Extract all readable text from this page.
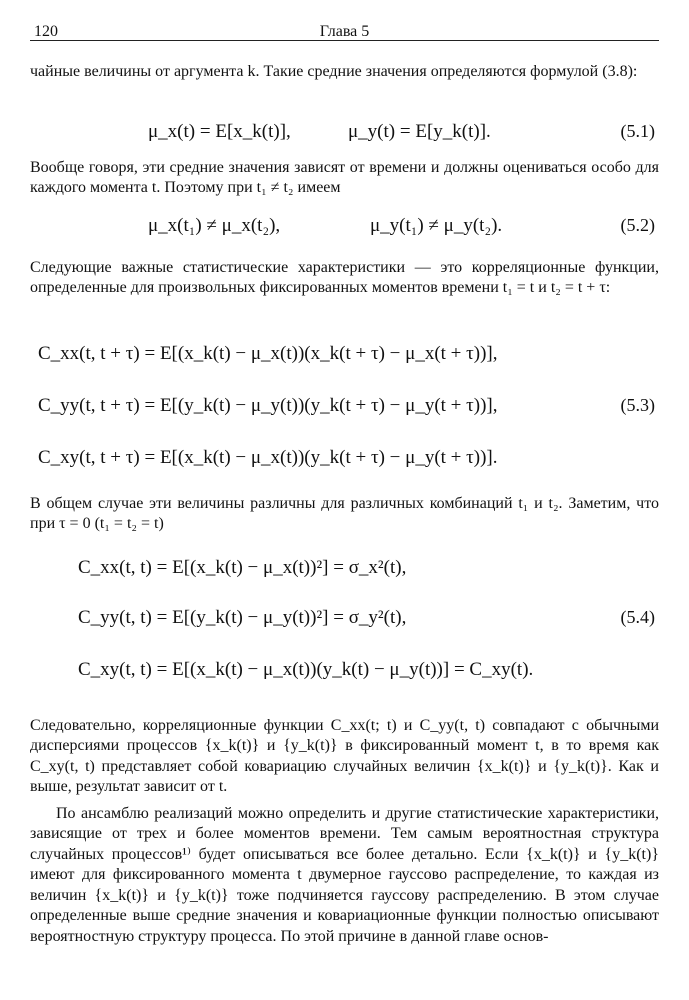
120	Глава 5
чайные величины от аргумента k. Такие средние значения определяются формулой (3.8):
μ_x(t) = E[x_k(t)],	μ_y(t) = E[y_k(t)].	(5.1)
Вообще говоря, эти средние значения зависят от времени и должны оцениваться особо для каждого момента t. Поэтому при t₁ ≠ t₂ имеем
μ_x(t₁) ≠ μ_x(t₂),	μ_y(t₁) ≠ μ_y(t₂).	(5.2)
Следующие важные статистические характеристики — это корреляционные функции, определенные для произвольных фиксированных моментов времени t₁ = t и t₂ = t + τ:
C_xx(t, t + τ) = E[(x_k(t) − μ_x(t))(x_k(t + τ) − μ_x(t + τ))],
C_yy(t, t + τ) = E[(y_k(t) − μ_y(t))(y_k(t + τ) − μ_y(t + τ))],
C_xy(t, t + τ) = E[(x_k(t) − μ_x(t))(y_k(t + τ) − μ_y(t + τ))].
(5.3)
В общем случае эти величины различны для различных комбинаций t₁ и t₂. Заметим, что при τ = 0 (t₁ = t₂ = t)
C_xx(t, t) = E[(x_k(t) − μ_x(t))²] = σ_x²(t),
C_yy(t, t) = E[(y_k(t) − μ_y(t))²] = σ_y²(t),
C_xy(t, t) = E[(x_k(t) − μ_x(t))(y_k(t) − μ_y(t))] = C_xy(t).
(5.4)
Следовательно, корреляционные функции C_xx(t; t) и C_yy(t, t) совпадают с обычными дисперсиями процессов {x_k(t)} и {y_k(t)} в фиксированный момент t, в то время как C_xy(t, t) представляет собой ковариацию случайных величин {x_k(t)} и {y_k(t)}. Как и выше, результат зависит от t.
По ансамблю реализаций можно определить и другие статистические характеристики, зависящие от трех и более моментов времени. Тем самым вероятностная структура случайных процессов¹⁾ будет описываться все более детально. Если {x_k(t)} и {y_k(t)} имеют для фиксированного момента t двумерное гауссово распределение, то каждая из величин {x_k(t)} и {y_k(t)} тоже подчиняется гауссову распределению. В этом случае определенные выше средние значения и ковариационные функции полностью описывают вероятностную структуру процесса. По этой причине в данной главе основ-
